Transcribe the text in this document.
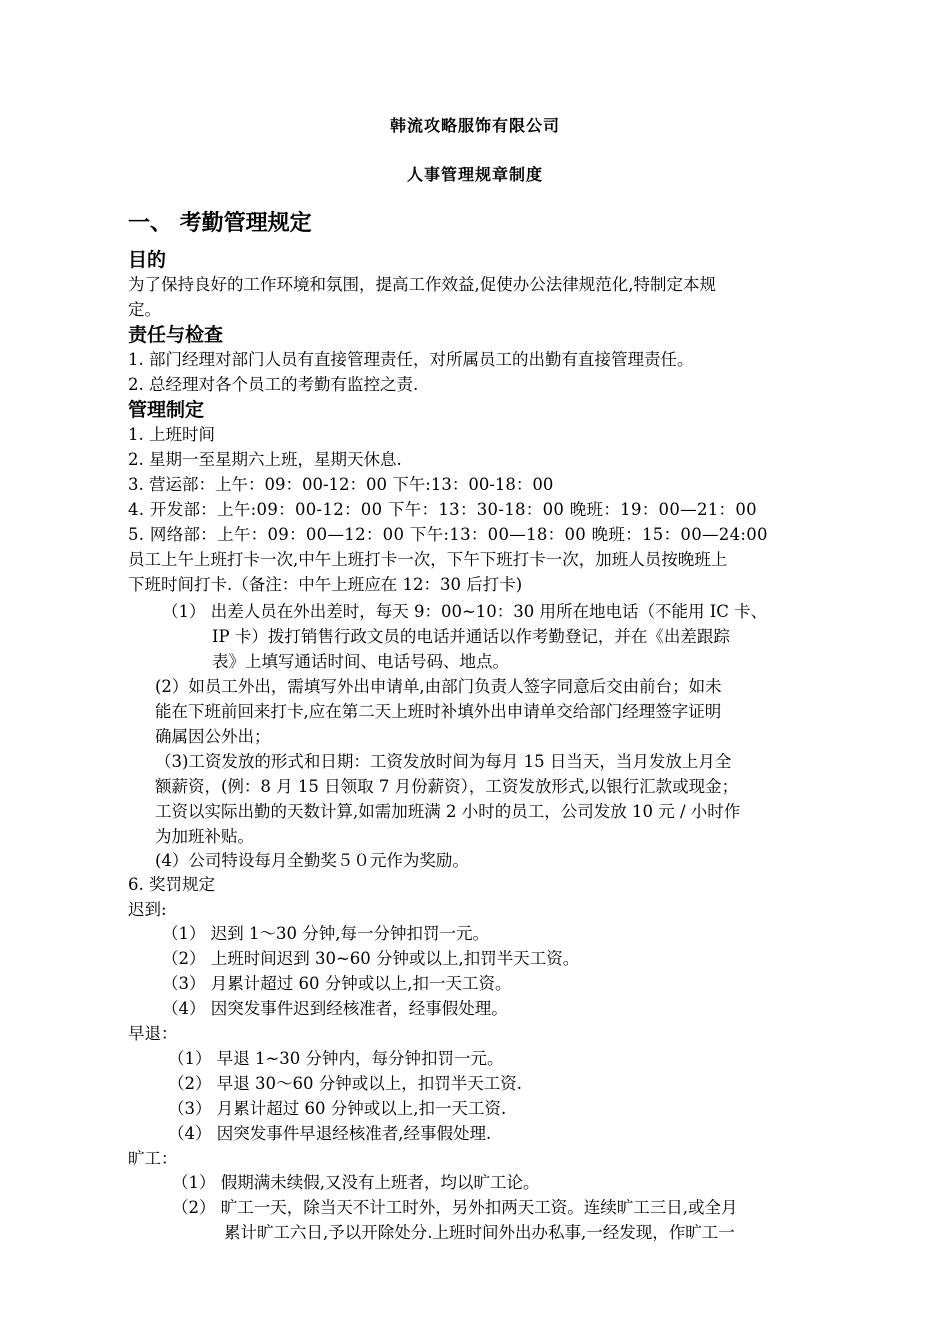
韩流攻略服饰有限公司
人事管理规章制度
一、 考勤管理规定
目的
为了保持良好的工作环境和氛围，提高工作效益,促使办公法律规范化,特制定本规
定。
责任与检查
1. 部门经理对部门人员有直接管理责任，对所属员工的出勤有直接管理责任。
2. 总经理对各个员工的考勤有监控之责.
管理制定
1. 上班时间
2. 星期一至星期六上班，星期天休息.
3. 营运部：上午：09：00-12：00 下午:13：00-18：00
4. 开发部：上午:09：00-12：00 下午：13：30-18：00 晚班：19：00—21：00
5. 网络部：上午：09：00—12：00 下午:13：00—18：00 晚班：15：00—24:00
员工上午上班打卡一次,中午上班打卡一次，下午下班打卡一次，加班人员按晚班上
下班时间打卡.（备注：中午上班应在 12：30 后打卡)
（1） 出差人员在外出差时，每天 9：00~10：30 用所在地电话（不能用 IC 卡、
IP 卡）拨打销售行政文员的电话并通话以作考勤登记，并在《出差跟踪
表》上填写通话时间、电话号码、地点。
(2）如员工外出，需填写外出申请单,由部门负责人签字同意后交由前台；如未
能在下班前回来打卡,应在第二天上班时补填外出申请单交给部门经理签字证明
确属因公外出；
（3)工资发放的形式和日期：工资发放时间为每月 15 日当天，当月发放上月全
额薪资，(例：8 月 15 日领取 7 月份薪资），工资发放形式,以银行汇款或现金；
工资以实际出勤的天数计算,如需加班满 2 小时的员工，公司发放 10 元 / 小时作
为加班补贴。
(4）公司特设每月全勤奖５０元作为奖励。
6. 奖罚规定
迟到:
（1） 迟到 1～30 分钟,每一分钟扣罚一元。
（2） 上班时间迟到 30~60 分钟或以上,扣罚半天工资。
（3） 月累计超过 60 分钟或以上,扣一天工资。
（4） 因突发事件迟到经核准者，经事假处理。
早退：
（1） 早退 1~30 分钟内，每分钟扣罚一元。
（2） 早退 30～60 分钟或以上，扣罚半天工资.
（3） 月累计超过 60 分钟或以上,扣一天工资.
（4） 因突发事件早退经核准者,经事假处理.
旷工：
（1） 假期满未续假,又没有上班者，均以旷工论。
（2） 旷工一天，除当天不计工时外，另外扣两天工资。连续旷工三日,或全月
累计旷工六日,予以开除处分.上班时间外出办私事,一经发现，作旷工一
